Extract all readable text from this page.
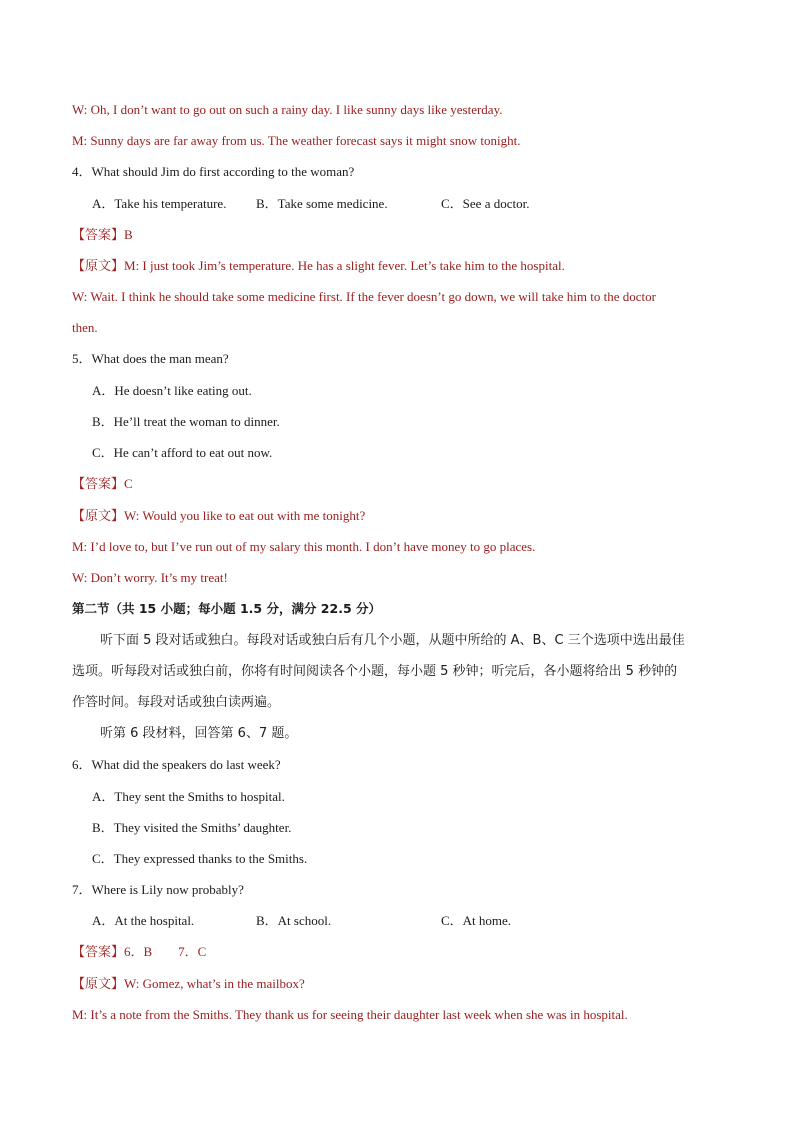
W: Oh, I don’t want to go out on such a rainy day. I like sunny days like yesterday.
M: Sunny days are far away from us. The weather forecast says it might snow tonight.
4．What should Jim do first according to the woman?
A．Take his temperature. B．Take some medicine.	C．See a doctor.
【答案】B
【原文】M: I just took Jim’s temperature. He has a slight fever. Let’s take him to the hospital.
W: Wait. I think he should take some medicine first. If the fever doesn’t go down, we will take him to the doctor
then.
5．What does the man mean?
A．He doesn’t like eating out.
B．He’ll treat the woman to dinner.
C．He can’t afford to eat out now.
【答案】C
【原文】W: Would you like to eat out with me tonight?
M: I’d love to, but I’ve run out of my salary this month. I don’t have money to go places.
W: Don’t worry. It’s my treat!
第二节（共 15 小题；每小题 1.5 分，满分 22.5 分）
听下面 5 段对话或独白。每段对话或独白后有几个小题，从题中所给的 A、B、C 三个选项中选出最佳
选项。听每段对话或独白前，你将有时间阅读各个小题，每小题 5 秒钟；听完后，各小题将给出 5 秒钟的
作答时间。每段对话或独白读两遍。
听第 6 段材料，回答第 6、7 题。
6．What did the speakers do last week?
A．They sent the Smiths to hospital.
B．They visited the Smiths’ daughter.
C．They expressed thanks to the Smiths.
7．Where is Lily now probably?
A．At the hospital.	B．At school.	C．At home.
【答案】6．B　　7．C
【原文】W: Gomez, what’s in the mailbox?
M: It’s a note from the Smiths. They thank us for seeing their daughter last week when she was in hospital.
